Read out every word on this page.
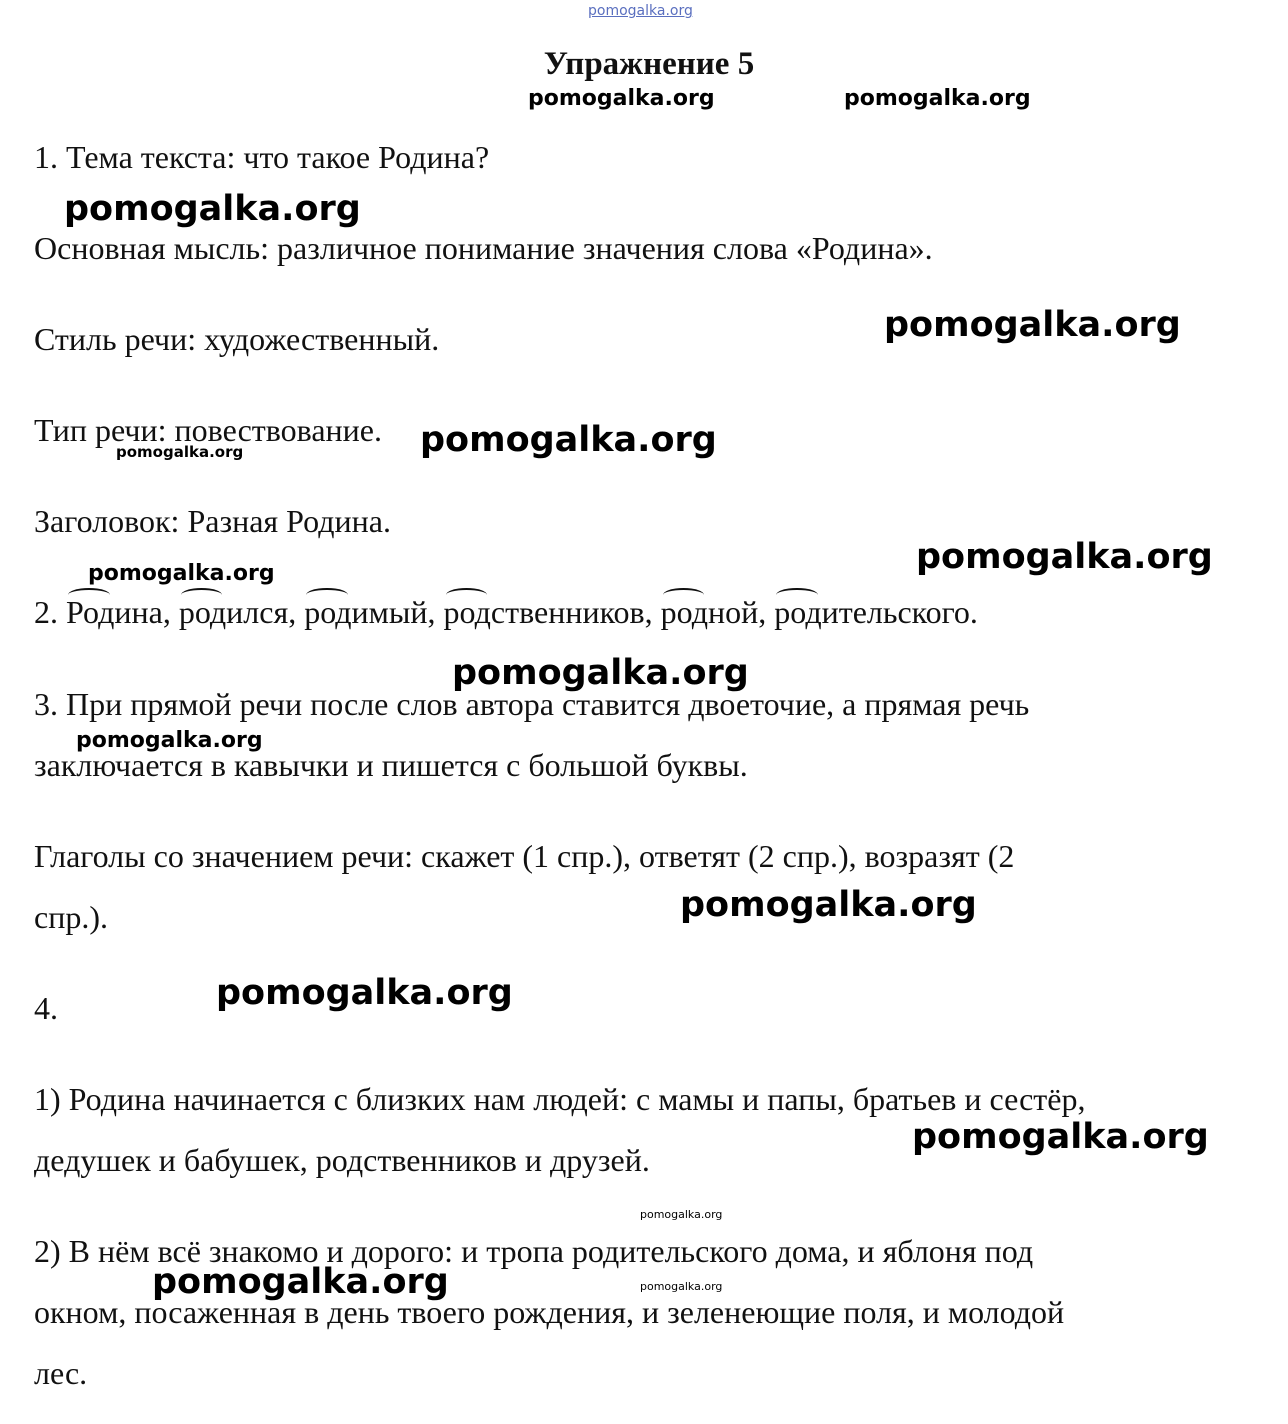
pomogalka.org
Упражнение 5
pomogalka.org	pomogalka.org
1. Тема текста: что такое Родина?
pomogalka.org
Основная мысль: различное понимание значения слова «Родина».
pomogalka.org
Стиль речи: художественный.
Тип речи: повествование. pomogalka.org
pomogalka.org
Заголовок: Разная Родина.
pomogalka.org
pomogalka.org
2. Род
ина, род
ился, род
имый, род
ственников, род
ной, род
ительского.
pomogalka.org
3. При прямой речи после слов автора ставится двоеточие, а прямая речь
pomogalka.org
заключается в кавычки и пишется с большой буквы.
Глаголы со значением речи: скажет (1 спр.), ответят (2 спр.), возразят (2
спр.).	pomogalka.org
4.	pomogalka.org
1) Родина начинается с близких нам людей: с мамы и папы, братьев и сестёр,
pomogalka.org
дедушек и бабушек, родственников и друзей.
pomogalka.org
2) В нём всё знакомо и дорого: и тропа родительского дома, и яблоня под
pomogalka.org	pomogalka.org
окном, посаженная в день твоего рождения, и зеленеющие поля, и молодой
лес.
